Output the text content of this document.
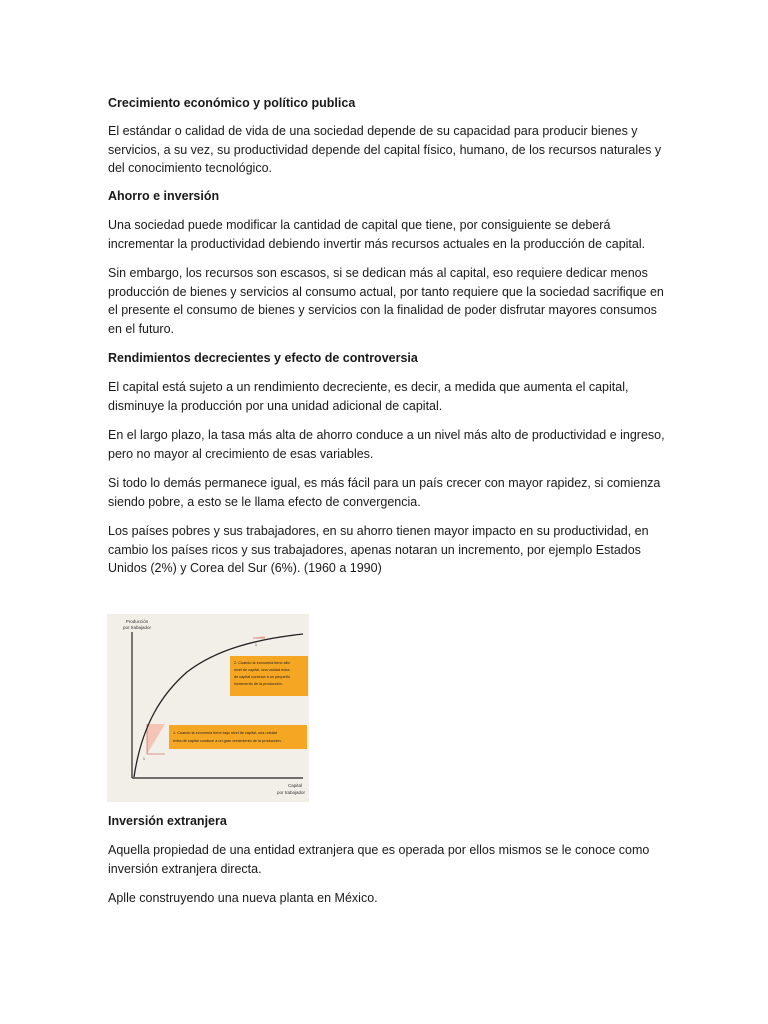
Crecimiento económico y político publica

El estándar o calidad de vida de una sociedad depende de su capacidad para producir bienes y servicios, a su vez, su productividad depende del capital físico, humano, de los recursos naturales y del conocimiento tecnológico.

Ahorro e inversión

Una sociedad puede modificar la cantidad de capital que tiene, por consiguiente se deberá incrementar la productividad debiendo invertir más recursos actuales en la producción de capital.

Sin embargo, los recursos son escasos, si se dedican más al capital, eso requiere dedicar menos producción de bienes y servicios al consumo actual, por tanto requiere que la sociedad sacrifique en el presente el consumo de bienes y servicios con la finalidad de poder disfrutar mayores consumos en el futuro.

Rendimientos decrecientes y efecto de controversia

El capital está sujeto a un rendimiento decreciente, es decir, a medida que aumenta el capital, disminuye la producción por una unidad adicional de capital.

En el largo plazo, la tasa más alta de ahorro conduce a un nivel más alto de productividad e ingreso, pero no mayor al crecimiento de esas variables.

Si todo lo demás permanece igual, es más fácil para un país crecer con mayor rapidez, si comienza siendo pobre, a esto se le llama efecto de convergencia.

Los países pobres y sus trabajadores, en su ahorro tienen mayor impacto en su productividad, en cambio los países ricos y sus trabajadores, apenas notaran un incremento, por ejemplo Estados Unidos (2%) y Corea del Sur (6%). (1960 a 1990)

Producción
por trabajador
Capital
por trabajador
1
1
2. Cuando la economía tiene alto nivel de capital, una unidad extra de capital conduce a un pequeño incremento de la producción.
1. Cuando la economía tiene bajo nivel de capital, una unidad extra de capital conduce a un gran crecimiento de la producción.

Inversión extranjera

Aquella propiedad de una entidad extranjera que es operada por ellos mismos se le conoce como inversión extranjera directa.

Aplle construyendo una nueva planta en México.
